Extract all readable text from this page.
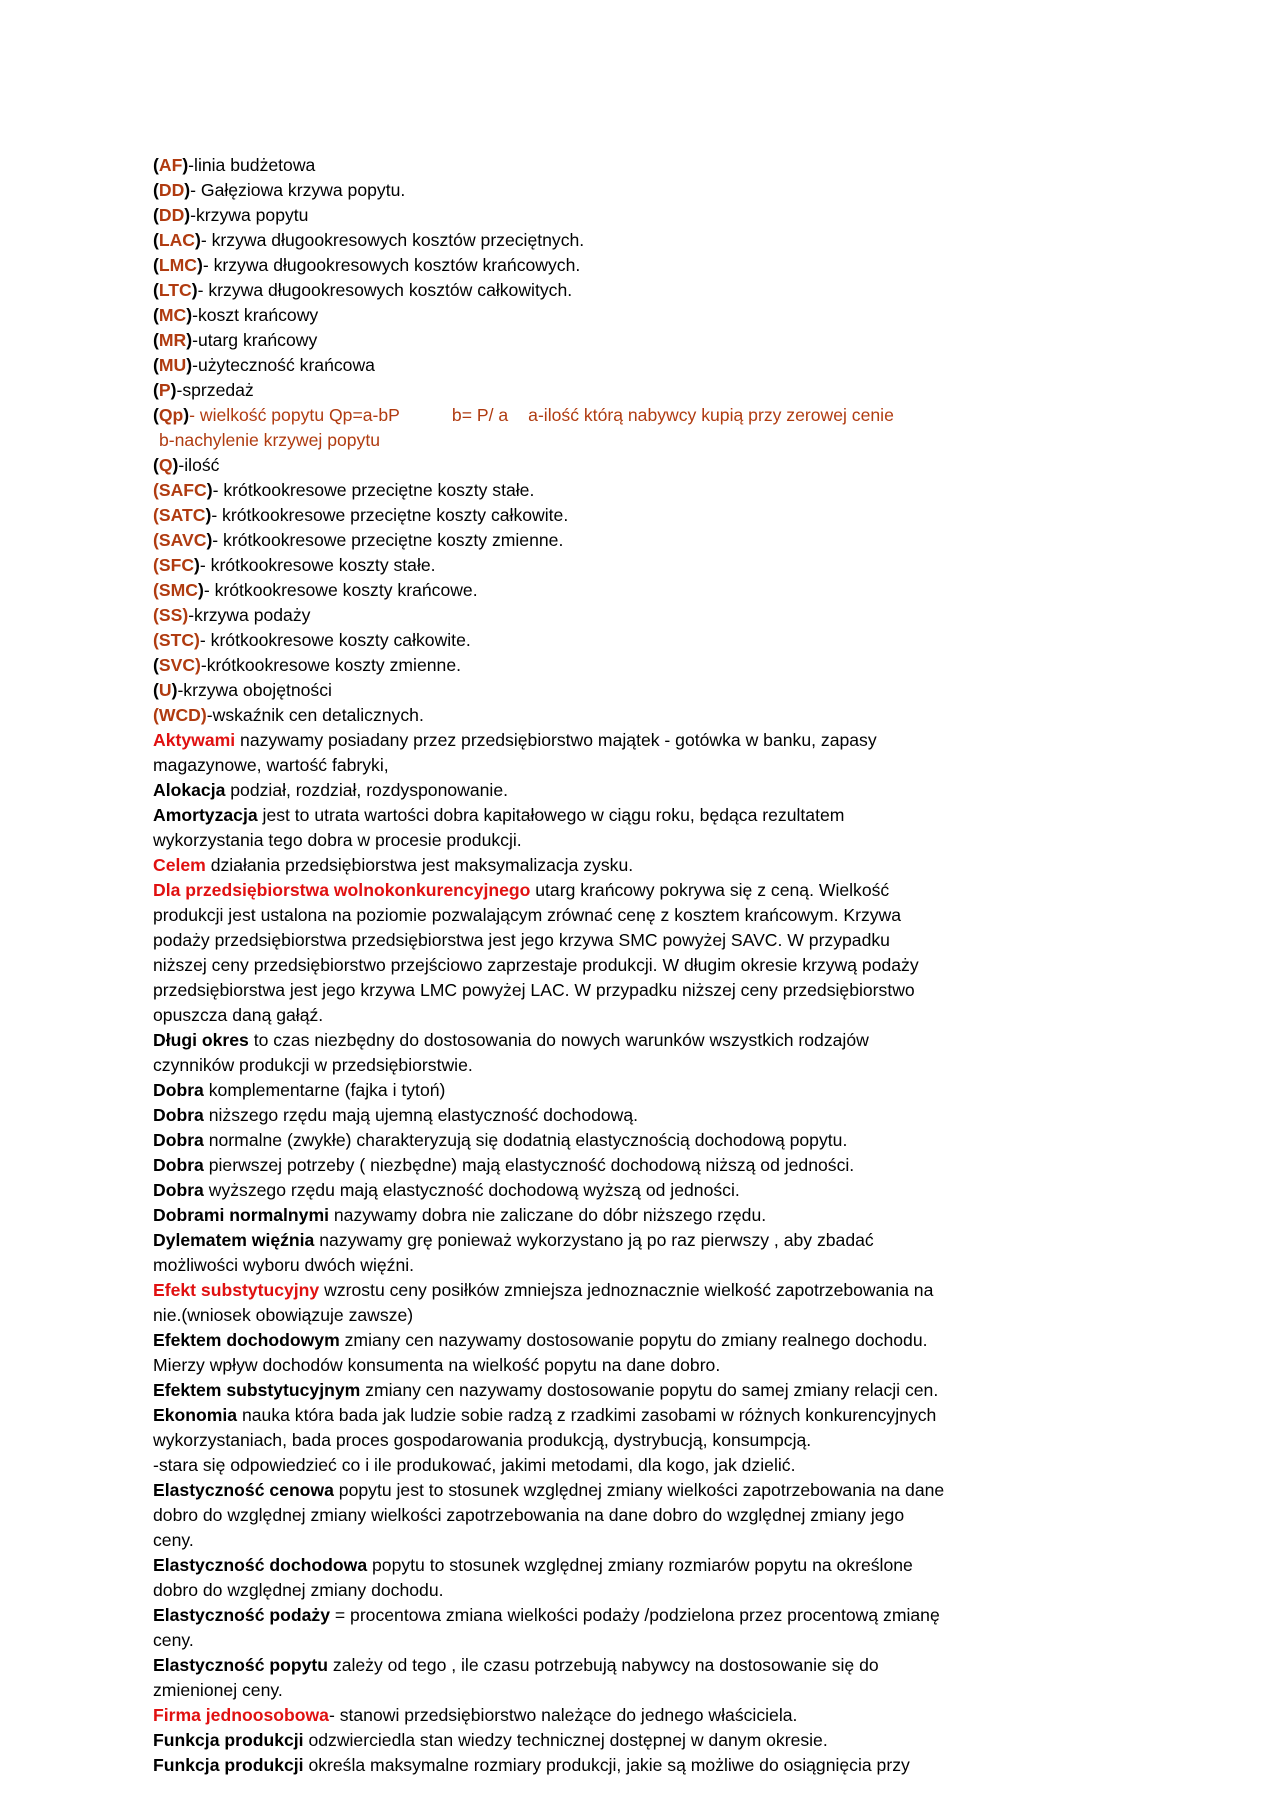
(AF)-linia budżetowa
(DD)- Gałęziowa krzywa popytu.
(DD)-krzywa popytu
(LAC)- krzywa długookresowych kosztów przeciętnych.
(LMC)- krzywa długookresowych kosztów krańcowych.
(LTC)- krzywa długookresowych kosztów całkowitych.
(MC)-koszt krańcowy
(MR)-utarg krańcowy
(MU)-użyteczność krańcowa
(P)-sprzedaż
(Qp)- wielkość popytu Qp=a-bP	b= P/ a a-ilość którą nabywcy kupią przy zerowej cenie
b-nachylenie krzywej popytu
(Q)-ilość
(SAFC)- krótkookresowe przeciętne koszty stałe.
(SATC)- krótkookresowe przeciętne koszty całkowite.
(SAVC)- krótkookresowe przeciętne koszty zmienne.
(SFC)- krótkookresowe koszty stałe.
(SMC)- krótkookresowe koszty krańcowe.
(SS)-krzywa podaży
(STC)- krótkookresowe koszty całkowite.
(SVC)-krótkookresowe koszty zmienne.
(U)-krzywa obojętności
(WCD)-wskaźnik cen detalicznych.
Aktywami nazywamy posiadany przez przedsiębiorstwo majątek - gotówka w banku, zapasy
magazynowe, wartość fabryki,
Alokacja podział, rozdział, rozdysponowanie.
Amortyzacja jest to utrata wartości dobra kapitałowego w ciągu roku, będąca rezultatem
wykorzystania tego dobra w procesie produkcji.
Celem działania przedsiębiorstwa jest maksymalizacja zysku.
Dla przedsiębiorstwa wolnokonkurencyjnego utarg krańcowy pokrywa się z ceną. Wielkość
produkcji jest ustalona na poziomie pozwalającym zrównać cenę z kosztem krańcowym. Krzywa
podaży przedsiębiorstwa przedsiębiorstwa jest jego krzywa SMC powyżej SAVC. W przypadku
niższej ceny przedsiębiorstwo przejściowo zaprzestaje produkcji. W długim okresie krzywą podaży
przedsiębiorstwa jest jego krzywa LMC powyżej LAC. W przypadku niższej ceny przedsiębiorstwo
opuszcza daną gałąź.
Długi okres to czas niezbędny do dostosowania do nowych warunków wszystkich rodzajów
czynników produkcji w przedsiębiorstwie.
Dobra komplementarne (fajka i tytoń)
Dobra niższego rzędu mają ujemną elastyczność dochodową.
Dobra normalne (zwykłe) charakteryzują się dodatnią elastycznością dochodową popytu.
Dobra pierwszej potrzeby ( niezbędne) mają elastyczność dochodową niższą od jedności.
Dobra wyższego rzędu mają elastyczność dochodową wyższą od jedności.
Dobrami normalnymi nazywamy dobra nie zaliczane do dóbr niższego rzędu.
Dylematem więźnia nazywamy grę ponieważ wykorzystano ją po raz pierwszy , aby zbadać
możliwości wyboru dwóch więźni.
Efekt substytucyjny wzrostu ceny posiłków zmniejsza jednoznacznie wielkość zapotrzebowania na
nie.(wniosek obowiązuje zawsze)
Efektem dochodowym zmiany cen nazywamy dostosowanie popytu do zmiany realnego dochodu.
Mierzy wpływ dochodów konsumenta na wielkość popytu na dane dobro.
Efektem substytucyjnym zmiany cen nazywamy dostosowanie popytu do samej zmiany relacji cen.
Ekonomia nauka która bada jak ludzie sobie radzą z rzadkimi zasobami w różnych konkurencyjnych
wykorzystaniach, bada proces gospodarowania produkcją, dystrybucją, konsumpcją.
-stara się odpowiedzieć co i ile produkować, jakimi metodami, dla kogo, jak dzielić.
Elastyczność cenowa popytu jest to stosunek względnej zmiany wielkości zapotrzebowania na dane
dobro do względnej zmiany wielkości zapotrzebowania na dane dobro do względnej zmiany jego
ceny.
Elastyczność dochodowa popytu to stosunek względnej zmiany rozmiarów popytu na określone
dobro do względnej zmiany dochodu.
Elastyczność podaży = procentowa zmiana wielkości podaży /podzielona przez procentową zmianę
ceny.
Elastyczność popytu zależy od tego , ile czasu potrzebują nabywcy na dostosowanie się do
zmienionej ceny.
Firma jednoosobowa- stanowi przedsiębiorstwo należące do jednego właściciela.
Funkcja produkcji odzwierciedla stan wiedzy technicznej dostępnej w danym okresie.
Funkcja produkcji określa maksymalne rozmiary produkcji, jakie są możliwe do osiągnięcia przy
